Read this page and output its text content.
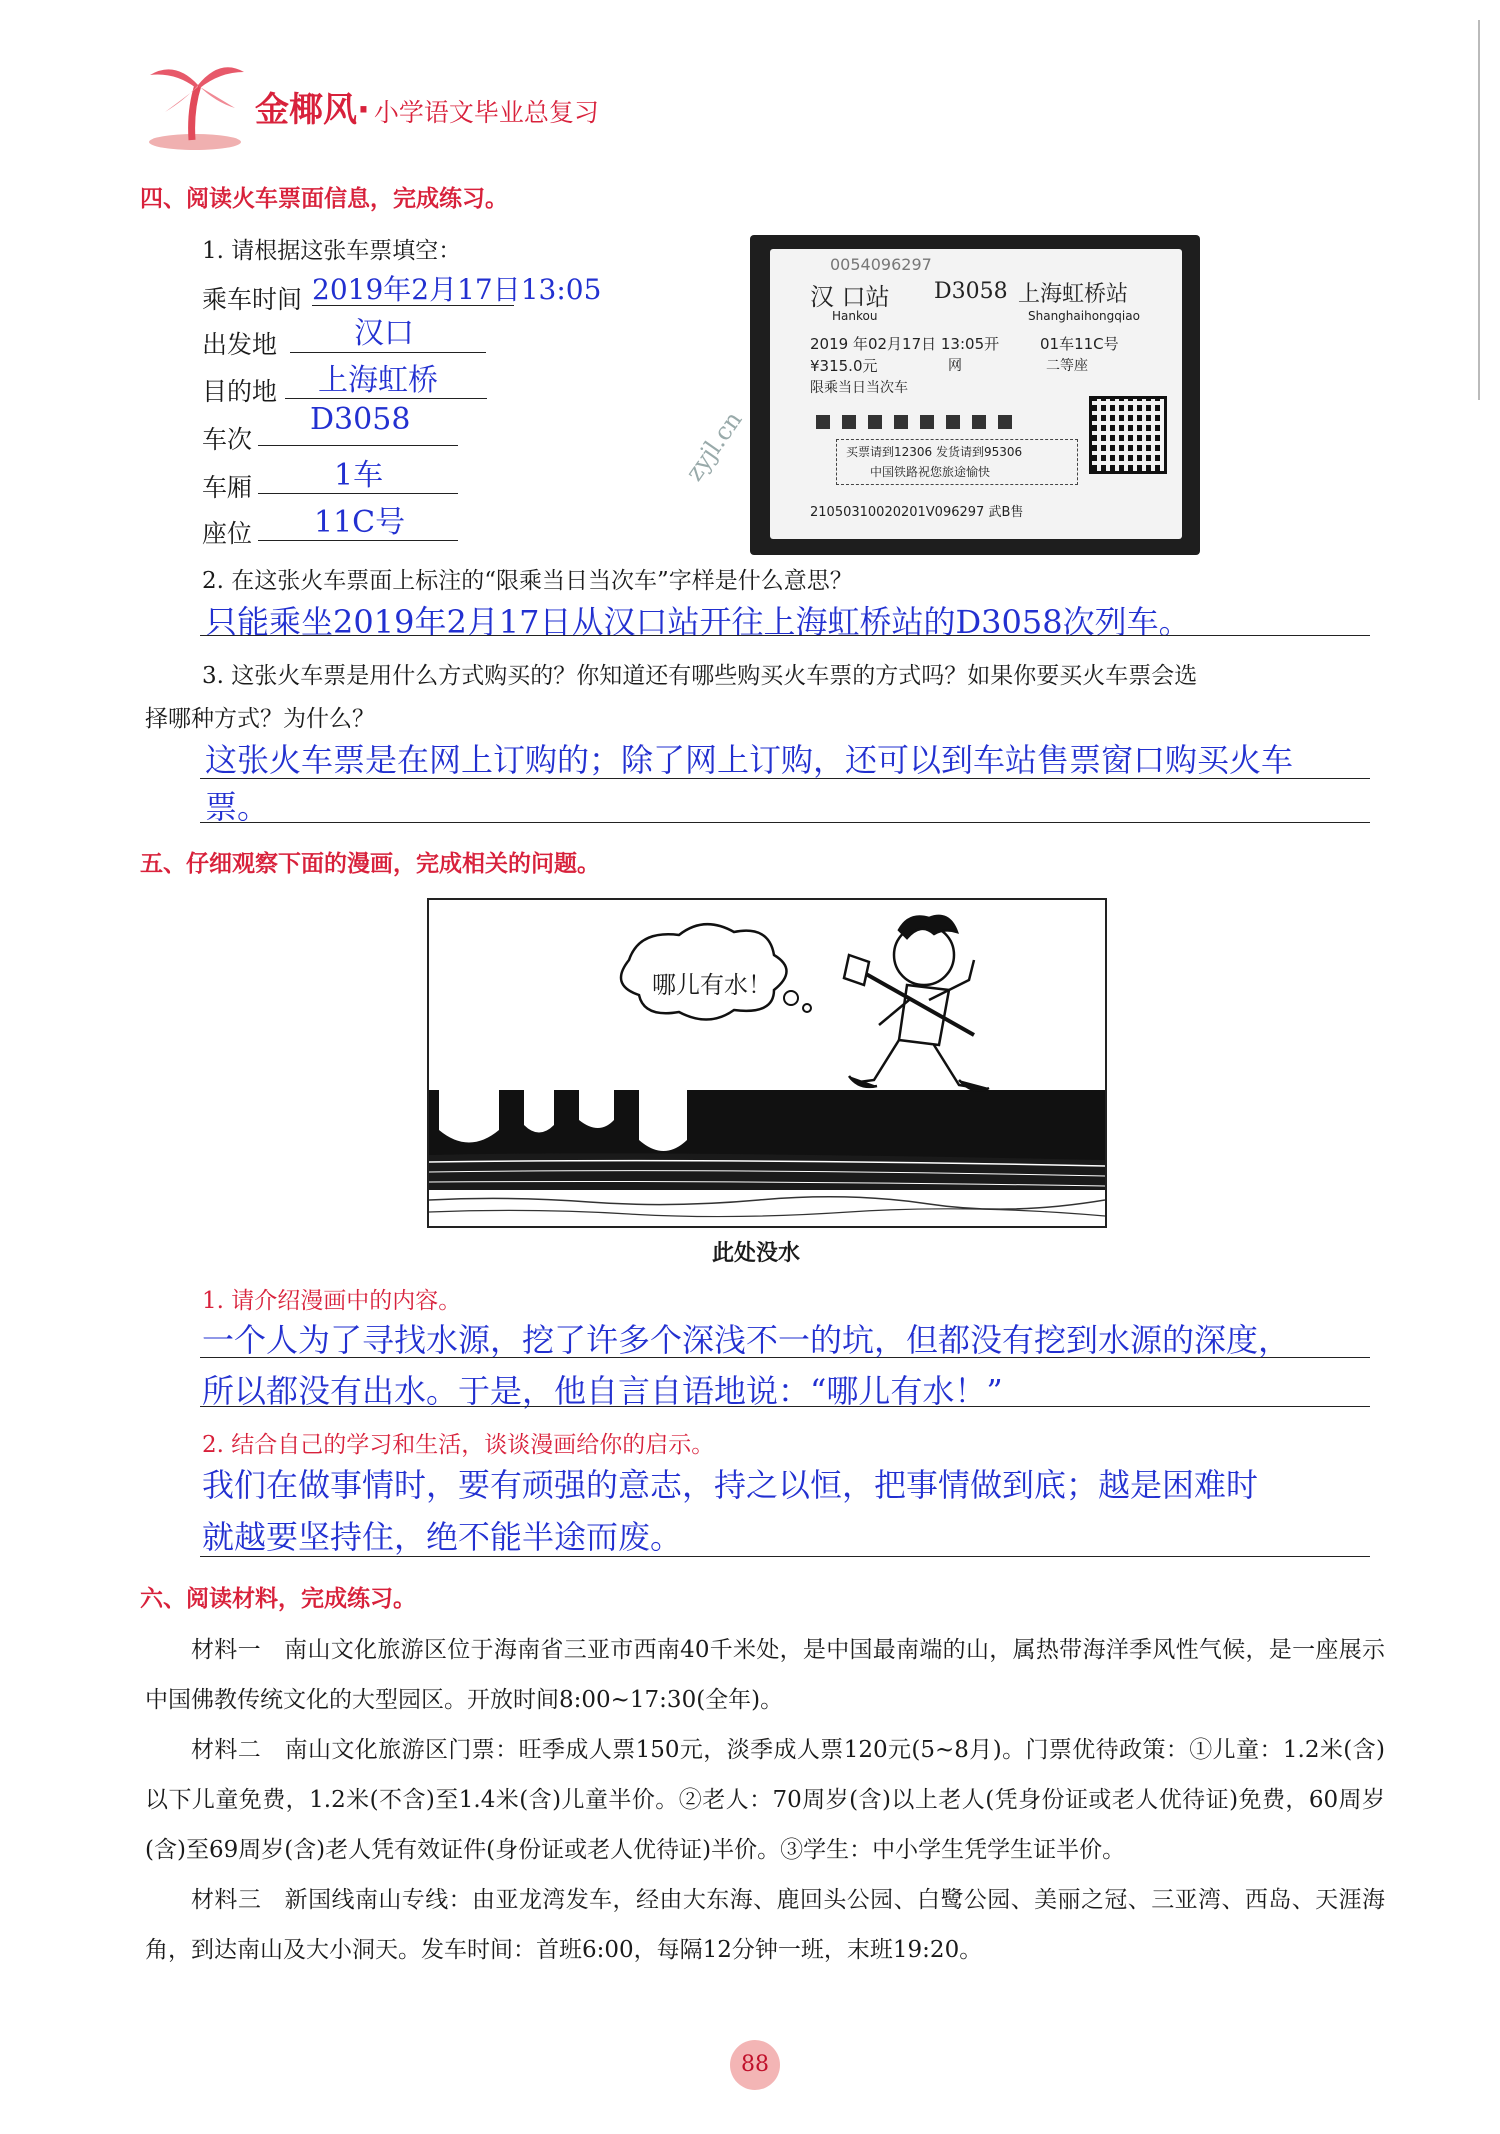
金椰风· 小学语文毕业总复习
四、阅读火车票面信息，完成练习。
1. 请根据这张车票填空：
乘车时间 2019年2月17日13:05
出发地	汉口
目的地 上海虹桥
车次
D3058
车厢	1车
座位 11C号
0054096297
汉 口站
Hankou
D3058 上海虹桥站
Shanghaihongqiao
2019 年02月17日 13:05开	01车11C号
¥315.0元	网	二等座
限乘当日当次车
买票请到12306 发货请到95306
中国铁路祝您旅途愉快
21050310020201V096297 武B售
zyjl.cn
2. 在这张火车票面上标注的“限乘当日当次车”字样是什么意思？
只能乘坐2019年2月17日从汉口站开往上海虹桥站的D3058次列车。
3. 这张火车票是用什么方式购买的？你知道还有哪些购买火车票的方式吗？如果你要买火车票会选
择哪种方式？为什么？
这张火车票是在网上订购的；除了网上订购，还可以到车站售票窗口购买火车
票。
五、仔细观察下面的漫画，完成相关的问题。
哪儿有水！
此处没水
1. 请介绍漫画中的内容。
一个人为了寻找水源，挖了许多个深浅不一的坑，但都没有挖到水源的深度，
所以都没有出水。于是，他自言自语地说：“哪儿有水！”
2. 结合自己的学习和生活，谈谈漫画给你的启示。
我们在做事情时，要有顽强的意志，持之以恒，把事情做到底；越是困难时
就越要坚持住，绝不能半途而废。
六、阅读材料，完成练习。
材料一　南山文化旅游区位于海南省三亚市西南40千米处，是中国最南端的山，属热带海洋季风性气候，是一座展示中国佛教传统文化的大型园区。开放时间8:00~17:30(全年)。
材料二　南山文化旅游区门票：旺季成人票150元，淡季成人票120元(5~8月)。门票优待政策：①儿童：1.2米(含)以下儿童免费，1.2米(不含)至1.4米(含)儿童半价。②老人：70周岁(含)以上老人(凭身份证或老人优待证)免费，60周岁(含)至69周岁(含)老人凭有效证件(身份证或老人优待证)半价。③学生：中小学生凭学生证半价。
材料三　新国线南山专线：由亚龙湾发车，经由大东海、鹿回头公园、白鹭公园、美丽之冠、三亚湾、西岛、天涯海角，到达南山及大小洞天。发车时间：首班6:00，每隔12分钟一班，末班19:20。
88
